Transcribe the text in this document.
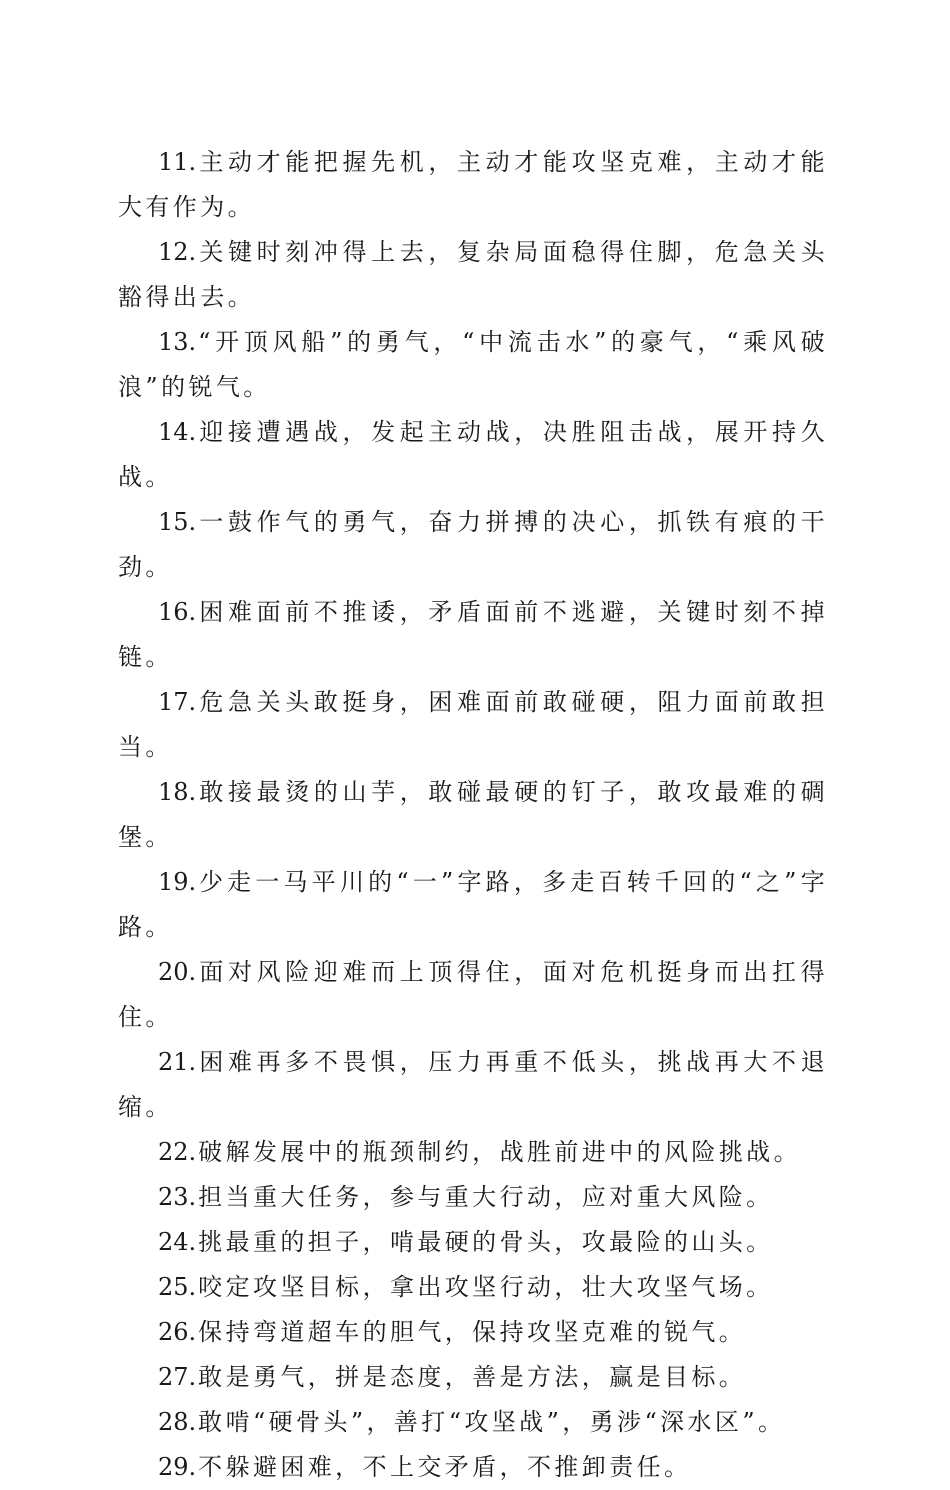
11.主动才能把握先机，主动才能攻坚克难，主动才能大有作为。

12.关键时刻冲得上去，复杂局面稳得住脚，危急关头豁得出去。

13.“开顶风船”的勇气，“中流击水”的豪气，“乘风破浪”的锐气。

14.迎接遭遇战，发起主动战，决胜阻击战，展开持久战。

15.一鼓作气的勇气，奋力拼搏的决心，抓铁有痕的干劲。

16.困难面前不推诿，矛盾面前不逃避，关键时刻不掉链。

17.危急关头敢挺身，困难面前敢碰硬，阻力面前敢担当。

18.敢接最烫的山芋，敢碰最硬的钉子，敢攻最难的碉堡。

19.少走一马平川的“一”字路，多走百转千回的“之”字路。

20.面对风险迎难而上顶得住，面对危机挺身而出扛得住。

21.困难再多不畏惧，压力再重不低头，挑战再大不退缩。

22.破解发展中的瓶颈制约，战胜前进中的风险挑战。

23.担当重大任务，参与重大行动，应对重大风险。

24.挑最重的担子，啃最硬的骨头，攻最险的山头。

25.咬定攻坚目标，拿出攻坚行动，壮大攻坚气场。

26.保持弯道超车的胆气，保持攻坚克难的锐气。

27.敢是勇气，拼是态度，善是方法，赢是目标。

28.敢啃“硬骨头”，善打“攻坚战”，勇涉“深水区”。

29.不躲避困难，不上交矛盾，不推卸责任。
